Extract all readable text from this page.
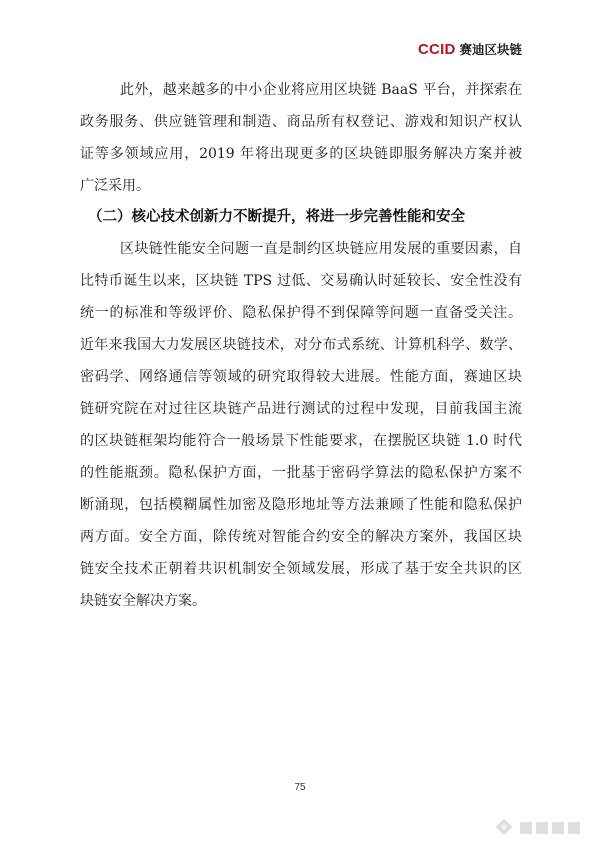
CCID 赛迪区块链
此外，越来越多的中小企业将应用区块链 BaaS 平台，并探索在
政务服务、供应链管理和制造、商品所有权登记、游戏和知识产权认
证等多领域应用，2019 年将出现更多的区块链即服务解决方案并被
广泛采用。
（二）核心技术创新力不断提升，将进一步完善性能和安全
区块链性能安全问题一直是制约区块链应用发展的重要因素，自
比特币诞生以来，区块链 TPS 过低、交易确认时延较长、安全性没有
统一的标准和等级评价、隐私保护得不到保障等问题一直备受关注。
近年来我国大力发展区块链技术，对分布式系统、计算机科学、数学、
密码学、网络通信等领域的研究取得较大进展。性能方面，赛迪区块
链研究院在对过往区块链产品进行测试的过程中发现，目前我国主流
的区块链框架均能符合一般场景下性能要求，在摆脱区块链 1.0 时代
的性能瓶颈。隐私保护方面，一批基于密码学算法的隐私保护方案不
断涌现，包括模糊属性加密及隐形地址等方法兼顾了性能和隐私保护
两方面。安全方面，除传统对智能合约安全的解决方案外，我国区块
链安全技术正朝着共识机制安全领域发展，形成了基于安全共识的区
块链安全解决方案。
75
